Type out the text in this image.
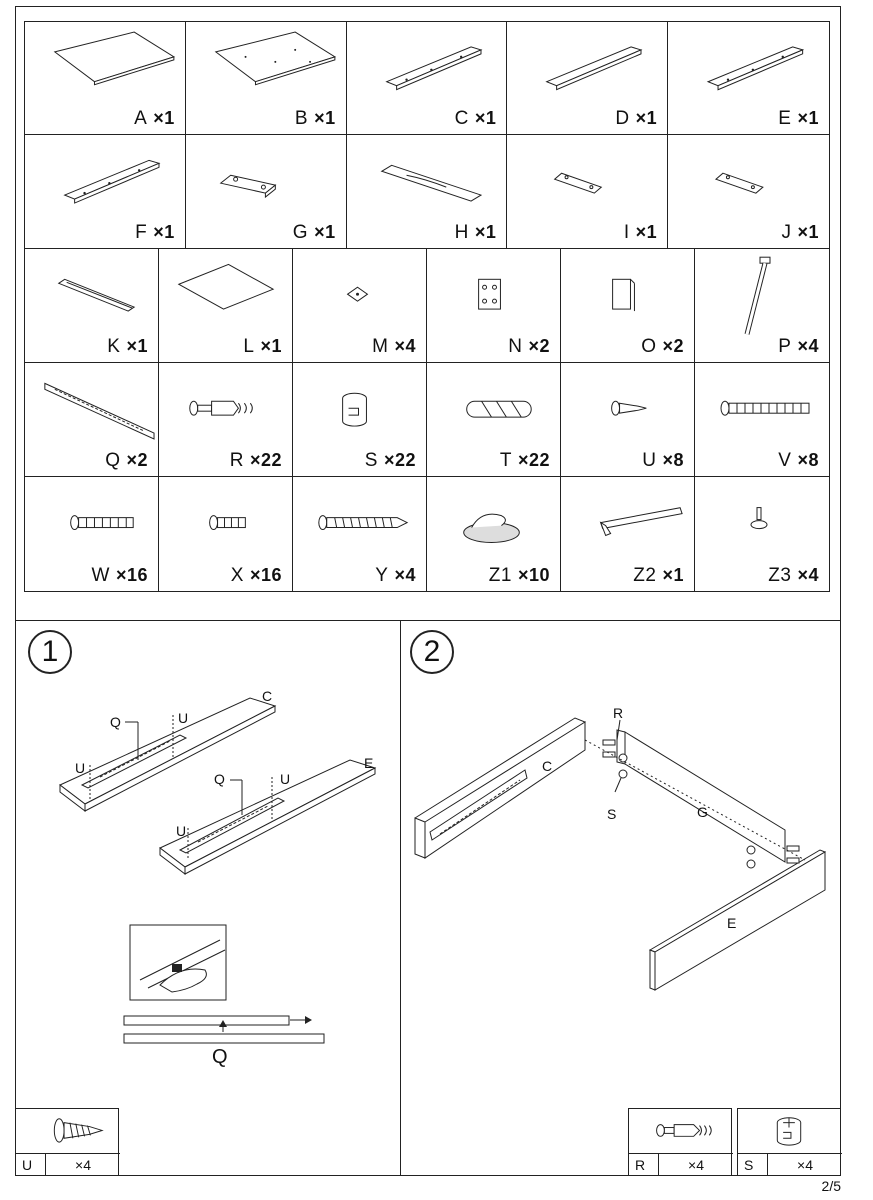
A ×1	B ×1	C ×1	D ×1	E ×1
F ×1	G ×1	H ×1	I ×1	J ×1
K ×1	L ×1	M ×4	N ×2	O ×2	P ×4
Q ×2	R ×22	S ×22	T ×22	U ×8	V ×8
W ×16	X ×16	Y ×4	Z1 ×10	Z2 ×1	Z3 ×4
1
C
E
Q
Q
U
U
U
U
Q
U	×4
2
C
G
E
R
S
R	×4	S	×4
2/5
